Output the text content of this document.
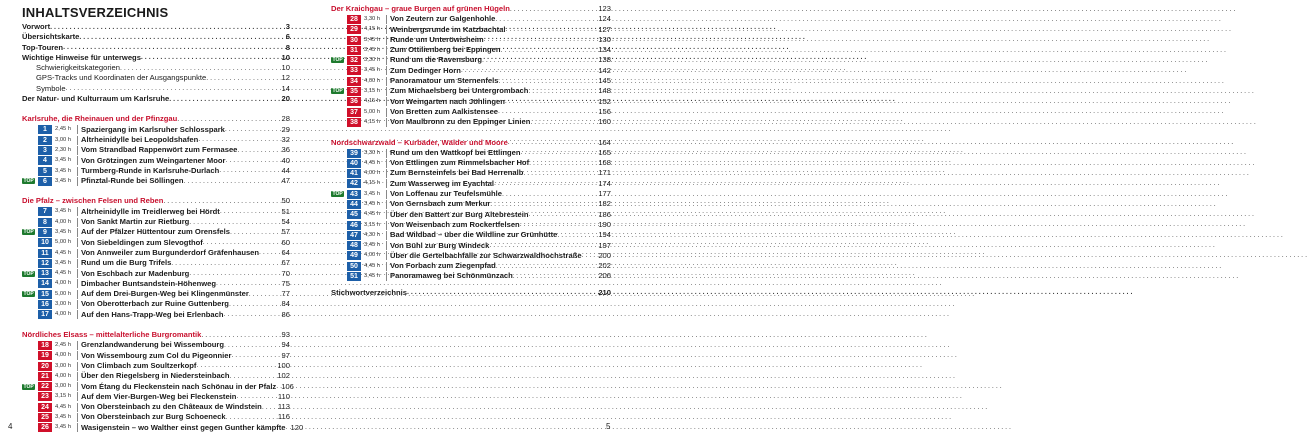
INHALTSVERZEICHNIS
Vorwort . . .	3
Übersichtskarte . . .	6
Top-Touren . . .	8
Wichtige Hinweise für unterwegs . . .	10
Schwierigkeitskategorien . . .	10
GPS-Tracks und Koordinaten der Ausgangspunkte . . .	12
Symbole . . .	14
Der Natur- und Kulturraum um Karlsruhe . . .	20
Karlsruhe, die Rheinauen und der Pfinzgau . . .	28
1	2,45 h	Spaziergang im Karlsruher Schlosspark . . .	29
2	3,00 h	Altrheinidylle bei Leopoldshafen . . .	32
3	2,30 h	Vom Strandbad Rappenwört zum Fermasee . . .	36
4	3,45 h	Von Grötzingen zum Weingartener Moor . . .	40
5	3,45 h	Turmberg-Runde in Karlsruhe-Durlach . . .	44
TOP	6	3,45 h	Pfinztal-Runde bei Söllingen . . .	47
Die Pfalz – zwischen Felsen und Reben . . .	50
7	3,45 h	Altrheinidylle im Treidlerweg bei Hördt . . .	51
8	4,00 h	Von Sankt Martin zur Rietburg . . .	54
TOP	9	3,45 h	Auf der Pfälzer Hüttentour zum Orensfels . . .	57
10	5,00 h	Von Siebeldingen zum Slevogthof . . .	60
11	4,45 h	Von Annweiler zum Burgunderdorf Gräfenhausen . . .	64
12	3,45 h	Rund um die Burg Trifels . . .	67
TOP	13	4,45 h	Von Eschbach zur Madenburg . . .	70
14	4,00 h	Dimbacher Buntsandstein-Höhenweg . . .	75
TOP	15	5,00 h	Auf dem Drei-Burgen-Weg bei Klingenmünster . . .	77
16	3,00 h	Von Oberotterbach zur Ruine Guttenberg . . .	84
17	4,00 h	Auf den Hans-Trapp-Weg bei Erlenbach . . .	86
Nördliches Elsass – mittelalterliche Burgromantik . . .	93
18	2,45 h	Grenzlandwanderung bei Wissembourg . . .	94
19	4,00 h	Von Wissembourg zum Col du Pigeonnier . . .	97
20	3,00 h	Von Climbach zum Soultzerkopf . . .	100
21	4,00 h	Über den Riegelsberg in Niedersteinbach . . .	102
TOP	22	3,00 h	Vom Étang du Fleckenstein nach Schönau in der Pfalz . . . 106
23	3,15 h	Auf dem Vier-Burgen-Weg bei Fleckenstein . . .	110
24	4,45 h	Von Obersteinbach zu den Châteaux de Windstein . . . 113
25	3,45 h	Von Obersteinbach zur Burg Schoeneck . . .	116
26	3,45 h	Wasigenstein – wo Walther einst gegen Gunther kämpfte . . . 120
Der Kraichgau – graue Burgen auf grünen Hügeln . . .	123
28	3,30 h	Von Zeutern zur Galgenhohle . . .	124
29	4,15 h	Weinbergsrunde im Katzbachtal . . .	127
30	3,45 h	Runde um Unteröwisheim . . .	130
31	3,45 h	Zum Ottilienberg bei Eppingen . . .	134
TOP	32	3,30 h	Rund um die Ravensburg . . .	138
33	3,45 h	Zum Dedinger Horn . . .	142
34	4,00 h	Panoramatour um Sternenfels . . .	145
TOP	35	3,15 h	Zum Michaelsberg bei Untergrombach . . .	148
36	4,15 h	Von Weingarten nach Jöhlingen . . .	152
37	5,00 h	Von Bretten zum Aalkistensee . . .	156
38	4,15 h	Von Maulbronn zu den Eppinger Linien . . .	160
Nordschwarzwald – Kurbäder, Wälder und Moore . . .	164
39	3,30 h	Rund um den Wattkopf bei Ettlingen . . .	165
40	4,45 h	Von Ettlingen zum Rimmelsbacher Hof . . .	168
41	4,00 h	Zum Bernsteinfels bei Bad Herrenalb . . .	171
42	4,15 h	Zum Wasserweg im Eyachtal . . .	174
TOP	43	3,45 h	Von Loffenau zur Teufelsmühle . . .	177
44	3,45 h	Von Gernsbach zum Merkur . . .	182
45	4,45 h	Über den Battert zur Burg Altebrestein . . .	186
46	3,15 h	Von Weisenbach zum Rockertfelsen . . .	190
47	4,30 h	Bad Wildbad – über die Wildline zur Grünhütte . . .	194
48	3,45 h	Von Bühl zur Burg Windeck . . .	197
49	4,00 h	Über die Gertelbachfälle zur Schwarzwaldhochstraße . . . 200
50	4,45 h	Von Forbach zum Ziegenpfad . . .	202
51	3,45 h	Panoramaweg bei Schönmünzach . . .	206
Stichwortverzeichnis . . .	210
4	5
